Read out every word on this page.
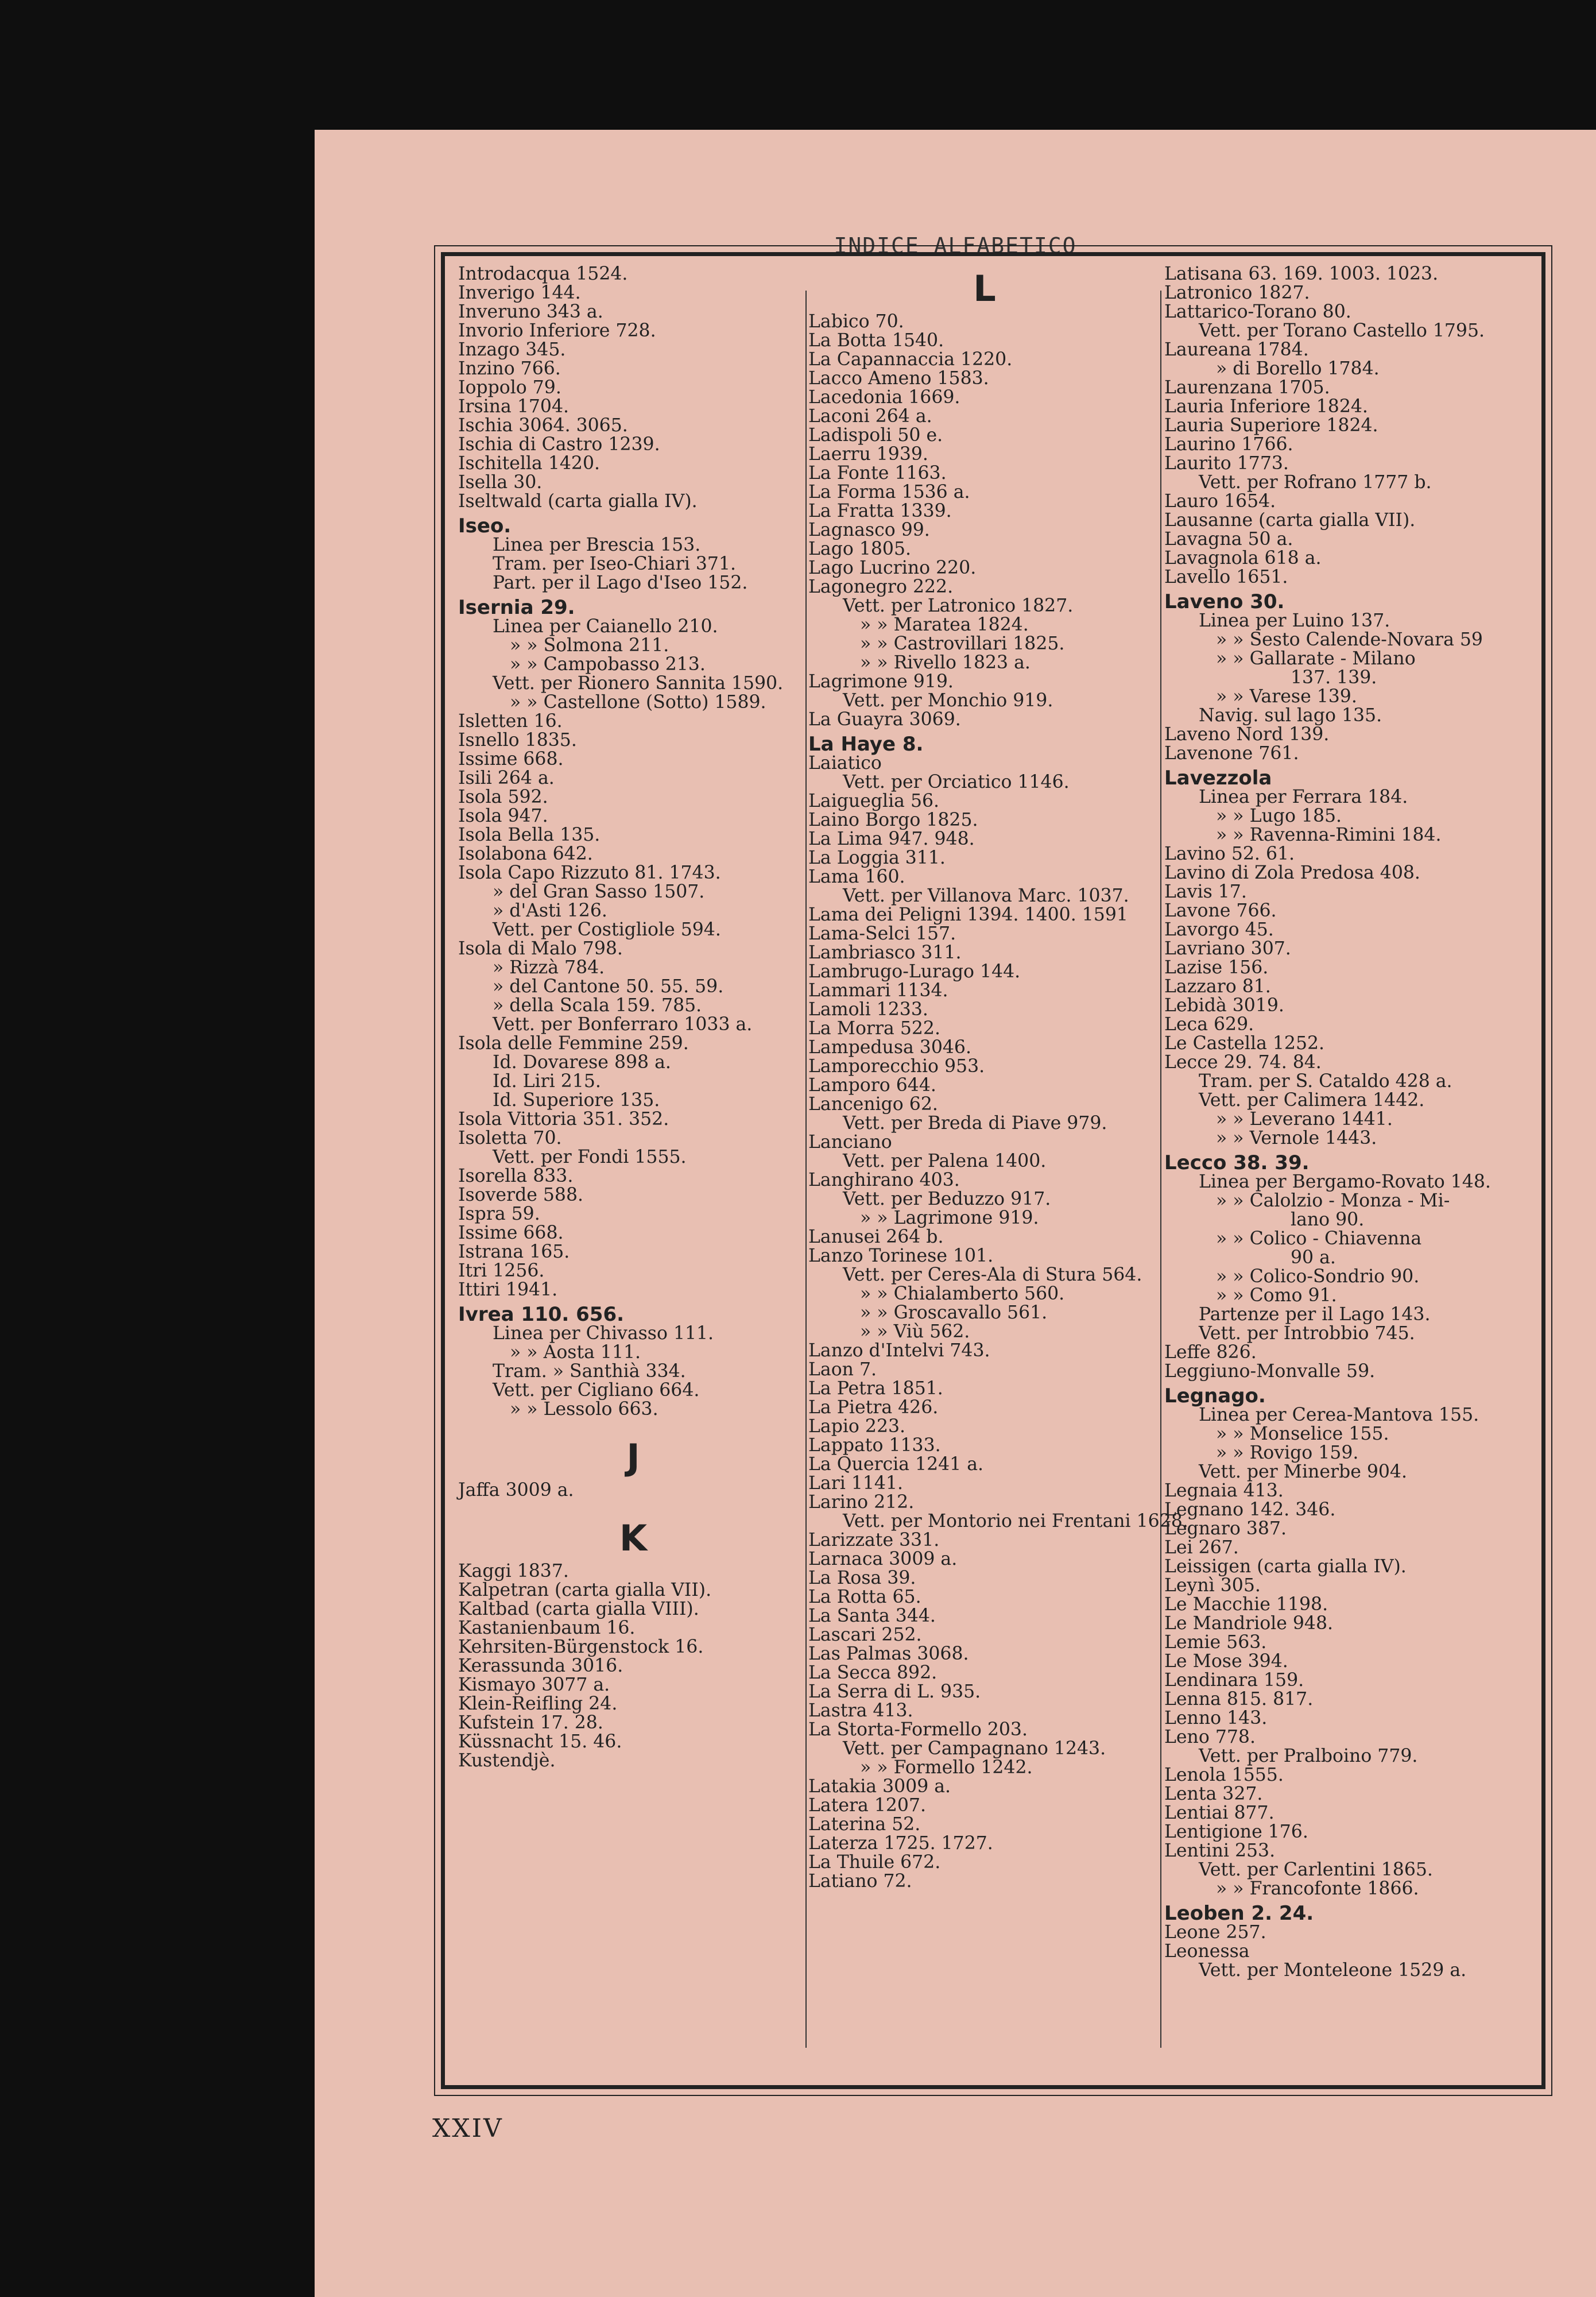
INDICE ALFABETICO
Introdacqua 1524.
Inverigo 144.
Inveruno 343 a.
Invorio Inferiore 728.
Inzago 345.
Inzino 766.
Ioppolo 79.
Irsina 1704.
Ischia 3064. 3065.
Ischia di Castro 1239.
Ischitella 1420.
Isella 30.
Iseltwald (carta gialla IV).
Iseo.
Linea per Brescia 153.
Tram. per Iseo-Chiari 371.
Part. per il Lago d'Iseo 152.
Isernia 29.
Linea per Caianello 210.
» » Solmona 211.
» » Campobasso 213.
Vett. per Rionero Sannita 1590.
» » Castellone (Sotto) 1589.
Isletten 16.
Isnello 1835.
Issime 668.
Isili 264 a.
Isola 592.
Isola 947.
Isola Bella 135.
Isolabona 642.
Isola Capo Rizzuto 81. 1743.
» del Gran Sasso 1507.
» d'Asti 126.
Vett. per Costigliole 594.
Isola di Malo 798.
» Rizzà 784.
» del Cantone 50. 55. 59.
» della Scala 159. 785.
Vett. per Bonferraro 1033 a.
Isola delle Femmine 259.
Id. Dovarese 898 a.
Id. Liri 215.
Id. Superiore 135.
Isola Vittoria 351. 352.
Isoletta 70.
Vett. per Fondi 1555.
Isorella 833.
Isoverde 588.
Ispra 59.
Issime 668.
Istrana 165.
Itri 1256.
Ittiri 1941.
Ivrea 110. 656.
Linea per Chivasso 111.
» » Aosta 111.
Tram. » Santhià 334.
Vett. per Cigliano 664.
» » Lessolo 663.
J
Jaffa 3009 a.
K
Kaggi 1837.
Kalpetran (carta gialla VII).
Kaltbad (carta gialla VIII).
Kastanienbaum 16.
Kehrsiten-Bürgenstock 16.
Kerassunda 3016.
Kismayo 3077 a.
Klein-Reifling 24.
Kufstein 17. 28.
Küssnacht 15. 46.
Kustendjè.
L
Labico 70.
La Botta 1540.
La Capannaccia 1220.
Lacco Ameno 1583.
Lacedonia 1669.
Laconi 264 a.
Ladispoli 50 e.
Laerru 1939.
La Fonte 1163.
La Forma 1536 a.
La Fratta 1339.
Lagnasco 99.
Lago 1805.
Lago Lucrino 220.
Lagonegro 222.
Vett. per Latronico 1827.
» » Maratea 1824.
» » Castrovillari 1825.
» » Rivello 1823 a.
Lagrimone 919.
Vett. per Monchio 919.
La Guayra 3069.
La Haye 8.
Laiatico
Vett. per Orciatico 1146.
Laigueglia 56.
Laino Borgo 1825.
La Lima 947. 948.
La Loggia 311.
Lama 160.
Vett. per Villanova Marc. 1037.
Lama dei Peligni 1394. 1400. 1591
Lama-Selci 157.
Lambriasco 311.
Lambrugo-Lurago 144.
Lammari 1134.
Lamoli 1233.
La Morra 522.
Lampedusa 3046.
Lamporecchio 953.
Lamporo 644.
Lancenigo 62.
Vett. per Breda di Piave 979.
Lanciano
Vett. per Palena 1400.
Langhirano 403.
Vett. per Beduzzo 917.
» » Lagrimone 919.
Lanusei 264 b.
Lanzo Torinese 101.
Vett. per Ceres-Ala di Stura 564.
» » Chialamberto 560.
» » Groscavallo 561.
» » Viù 562.
Lanzo d'Intelvi 743.
Laon 7.
La Petra 1851.
La Pietra 426.
Lapio 223.
Lappato 1133.
La Quercia 1241 a.
Lari 1141.
Larino 212.
Vett. per Montorio nei Frentani 1628.
Larizzate 331.
Larnaca 3009 a.
La Rosa 39.
La Rotta 65.
La Santa 344.
Lascari 252.
Las Palmas 3068.
La Secca 892.
La Serra di L. 935.
Lastra 413.
La Storta-Formello 203.
Vett. per Campagnano 1243.
» » Formello 1242.
Latakia 3009 a.
Latera 1207.
Laterina 52.
Laterza 1725. 1727.
La Thuile 672.
Latiano 72.
Latisana 63. 169. 1003. 1023.
Latronico 1827.
Lattarico-Torano 80.
Vett. per Torano Castello 1795.
Laureana 1784.
» di Borello 1784.
Laurenzana 1705.
Lauria Inferiore 1824.
Lauria Superiore 1824.
Laurino 1766.
Laurito 1773.
Vett. per Rofrano 1777 b.
Lauro 1654.
Lausanne (carta gialla VII).
Lavagna 50 a.
Lavagnola 618 a.
Lavello 1651.
Laveno 30.
Linea per Luino 137.
» » Sesto Calende-Novara 59
» » Gallarate - Milano
137. 139.
» » Varese 139.
Navig. sul lago 135.
Laveno Nord 139.
Lavenone 761.
Lavezzola
Linea per Ferrara 184.
» » Lugo 185.
» » Ravenna-Rimini 184.
Lavino 52. 61.
Lavino di Zola Predosa 408.
Lavis 17.
Lavone 766.
Lavorgo 45.
Lavriano 307.
Lazise 156.
Lazzaro 81.
Lebidà 3019.
Leca 629.
Le Castella 1252.
Lecce 29. 74. 84.
Tram. per S. Cataldo 428 a.
Vett. per Calimera 1442.
» » Leverano 1441.
» » Vernole 1443.
Lecco 38. 39.
Linea per Bergamo-Rovato 148.
» » Calolzio - Monza - Mi-
lano 90.
» » Colico - Chiavenna
90 a.
» » Colico-Sondrio 90.
» » Como 91.
Partenze per il Lago 143.
Vett. per Introbbio 745.
Leffe 826.
Leggiuno-Monvalle 59.
Legnago.
Linea per Cerea-Mantova 155.
» » Monselice 155.
» » Rovigo 159.
Vett. per Minerbe 904.
Legnaia 413.
Legnano 142. 346.
Legnaro 387.
Lei 267.
Leissigen (carta gialla IV).
Leynì 305.
Le Macchie 1198.
Le Mandriole 948.
Lemie 563.
Le Mose 394.
Lendinara 159.
Lenna 815. 817.
Lenno 143.
Leno 778.
Vett. per Pralboino 779.
Lenola 1555.
Lenta 327.
Lentiai 877.
Lentigione 176.
Lentini 253.
Vett. per Carlentini 1865.
» » Francofonte 1866.
Leoben 2. 24.
Leone 257.
Leonessa
Vett. per Monteleone 1529 a.
XXIV
